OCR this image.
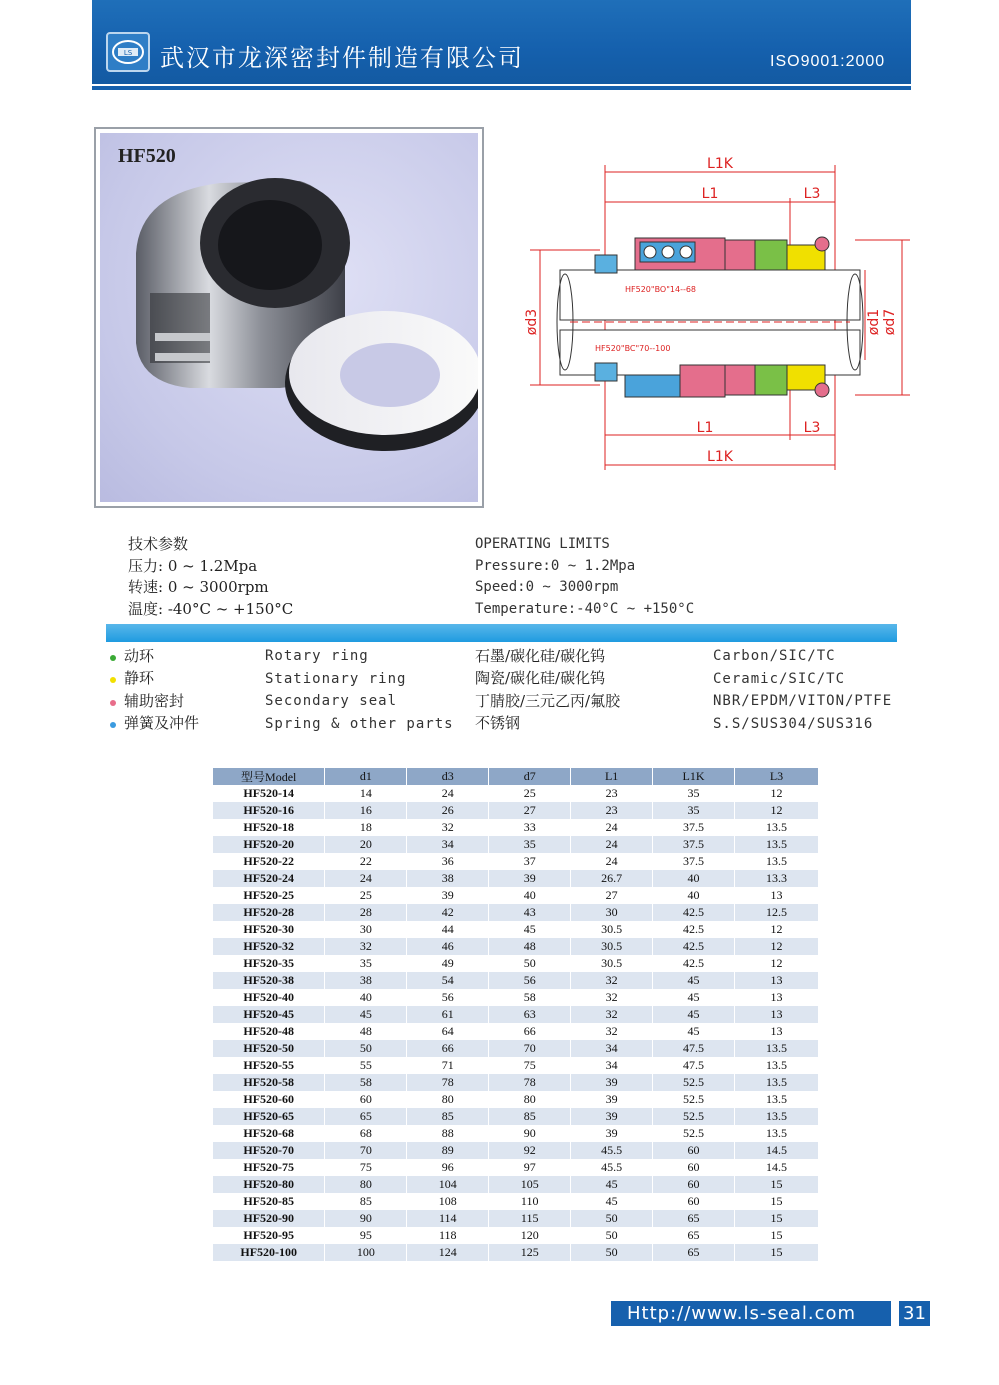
LS 武汉市龙深密封件制造有限公司	ISO9001:2000
HF520	L1K
L1	L3
L1	L3
L1K
ød3	ød1 ød7
HF520"BO"14--68
HF520"BC"70--100
技术参数
压力: 0 ~ 1.2Mpa
转速: 0 ~ 3000rpm
温度: -40°C ~ +150°C
OPERATING LIMITS
Pressure:0 ~ 1.2Mpa
Speed:0 ~ 3000rpm
Temperature:-40°C ~ +150°C
动环	Rotary ring	石墨/碳化硅/碳化钨	Carbon/SIC/TC
静环	Stationary ring	陶瓷/碳化硅/碳化钨	Ceramic/SIC/TC
辅助密封	Secondary seal	丁腈胶/三元乙丙/氟胶	NBR/EPDM/VITON/PTFE
弹簧及冲件	Spring & other parts	不锈钢	S.S/SUS304/SUS316
型号Model	d1	d3	d7	L1	L1K	L3
HF520-14	14	24	25	23	35	12
HF520-16	16	26	27	23	35	12
HF520-18	18	32	33	24	37.5	13.5
HF520-20	20	34	35	24	37.5	13.5
HF520-22	22	36	37	24	37.5	13.5
HF520-24	24	38	39	26.7	40	13.3
HF520-25	25	39	40	27	40	13
HF520-28	28	42	43	30	42.5	12.5
HF520-30	30	44	45	30.5	42.5	12
HF520-32	32	46	48	30.5	42.5	12
HF520-35	35	49	50	30.5	42.5	12
HF520-38	38	54	56	32	45	13
HF520-40	40	56	58	32	45	13
HF520-45	45	61	63	32	45	13
HF520-48	48	64	66	32	45	13
HF520-50	50	66	70	34	47.5	13.5
HF520-55	55	71	75	34	47.5	13.5
HF520-58	58	78	78	39	52.5	13.5
HF520-60	60	80	80	39	52.5	13.5
HF520-65	65	85	85	39	52.5	13.5
HF520-68	68	88	90	39	52.5	13.5
HF520-70	70	89	92	45.5	60	14.5
HF520-75	75	96	97	45.5	60	14.5
HF520-80	80	104	105	45	60	15
HF520-85	85	108	110	45	60	15
HF520-90	90	114	115	50	65	15
HF520-95	95	118	120	50	65	15
HF520-100	100	124	125	50	65	15
Http://www.ls-seal.com	31
